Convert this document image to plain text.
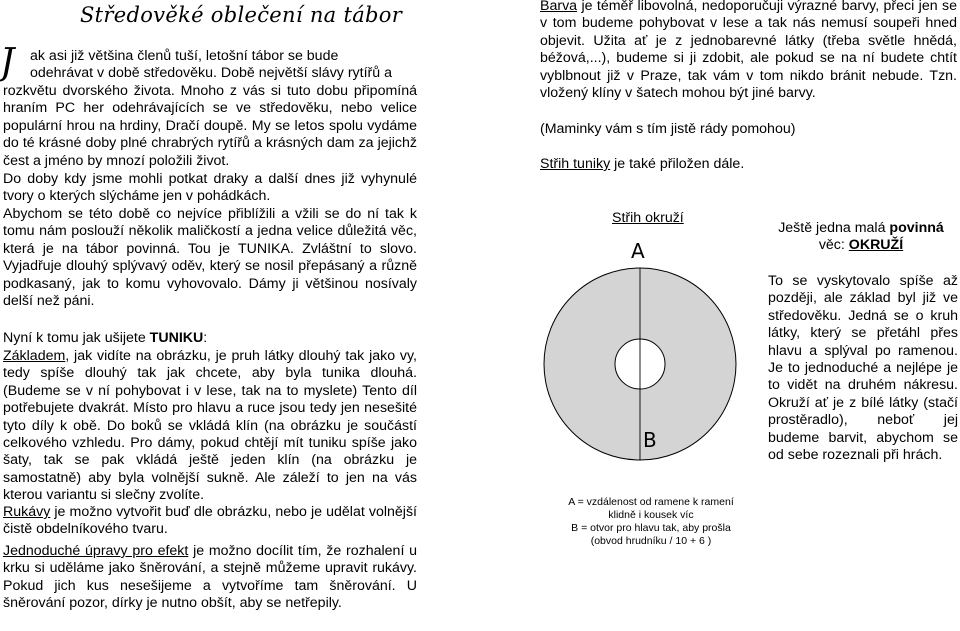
Středověké oblečení na tábor
J ak asi již většina členů tuší, letošní tábor se bude
odehrávat v době středověku. Době největší slávy rytířů a

rozkvětu dvorského života. Mnoho z vás si tuto dobu připomíná hraním PC her odehrávajících se ve středověku, nebo velice populární hrou na hrdiny, Dračí doupě. My se letos spolu vydáme do té krásné doby plné chrabrých rytířů a krásných dam za jejichž čest a jméno by mnozí položili život.

Do doby kdy jsme mohli potkat draky a další dnes již vyhynulé tvory o kterých slýcháme jen v pohádkách.

Abychom se této době co nejvíce přiblížili a vžili se do ní tak k tomu nám poslouží několik maličkostí a jedna velice důležitá věc, která je na tábor povinná. Tou je TUNIKA. Zvláštní to slovo. Vyjadřuje dlouhý splývavý oděv, který se nosil přepásaný a různě podkasaný, jak to komu vyhovovalo. Dámy ji většinou nosívaly delší než páni.

Nyní k tomu jak ušijete TUNIKU:

Základem, jak vidíte na obrázku, je pruh látky dlouhý tak jako vy, tedy spíše dlouhý tak jak chcete, aby byla tunika dlouhá. (Budeme se v ní pohybovat i v lese, tak na to myslete) Tento díl potřebujete dvakrát. Místo pro hlavu a ruce jsou tedy jen nesešité tyto díly k obě. Do boků se vkládá klín (na obrázku je součástí celkového vzhledu. Pro dámy, pokud chtějí mít tuniku spíše jako šaty, tak se pak vkládá ještě jeden klín (na obrázku je samostatně) aby byla volnější sukně. Ale záleží to jen na vás kterou variantu si slečny zvolíte.

Rukávy je možno vytvořit buď dle obrázku, nebo je udělat volnější čistě obdelníkového tvaru.

Jednoduché úpravy pro efekt je možno docílit tím, že rozhalení u krku si uděláme jako šněrování, a stejně můžeme upravit rukávy. Pokud jich kus nesešijeme a vytvoříme tam šněrování. U šněrování pozor, dírky je nutno obšít, aby se netřepily.

Barva je téměř libovolná, nedoporučuji výrazné barvy, přeci jen se v tom budeme pohybovat v lese a tak nás nemusí soupeři hned objevit. Užita ať je z jednobarevné látky (třeba světle hnědá, béžová,...), budeme si ji zdobit, ale pokud se na ní budete chtít vyblbnout již v Praze, tak vám v tom nikdo bránit nebude. Tzn. vložený klíny v šatech mohou být jiné barvy.

(Maminky vám s tím jistě rády pomohou)

Střih tuniky je také přiložen dále.

Střih okruží
A
B

A = vzdálenost od ramene k ramení

klidně i kousek víc

B = otvor pro hlavu tak, aby prošla

(obvod hrudníku / 10 + 6 )

Ještě jedna malá povinná
věc: OKRUŽÍ

To se vyskytovalo spíše až později, ale základ byl již ve středověku. Jedná se o kruh látky, který se přetáhl přes hlavu a splýval po ramenou. Je to jednoduché a nejlépe je to vidět na druhém nákresu. Okruží ať je z bílé látky (stačí prostěradlo), neboť jej budeme barvit, abychom se od sebe rozeznali při hrách.
